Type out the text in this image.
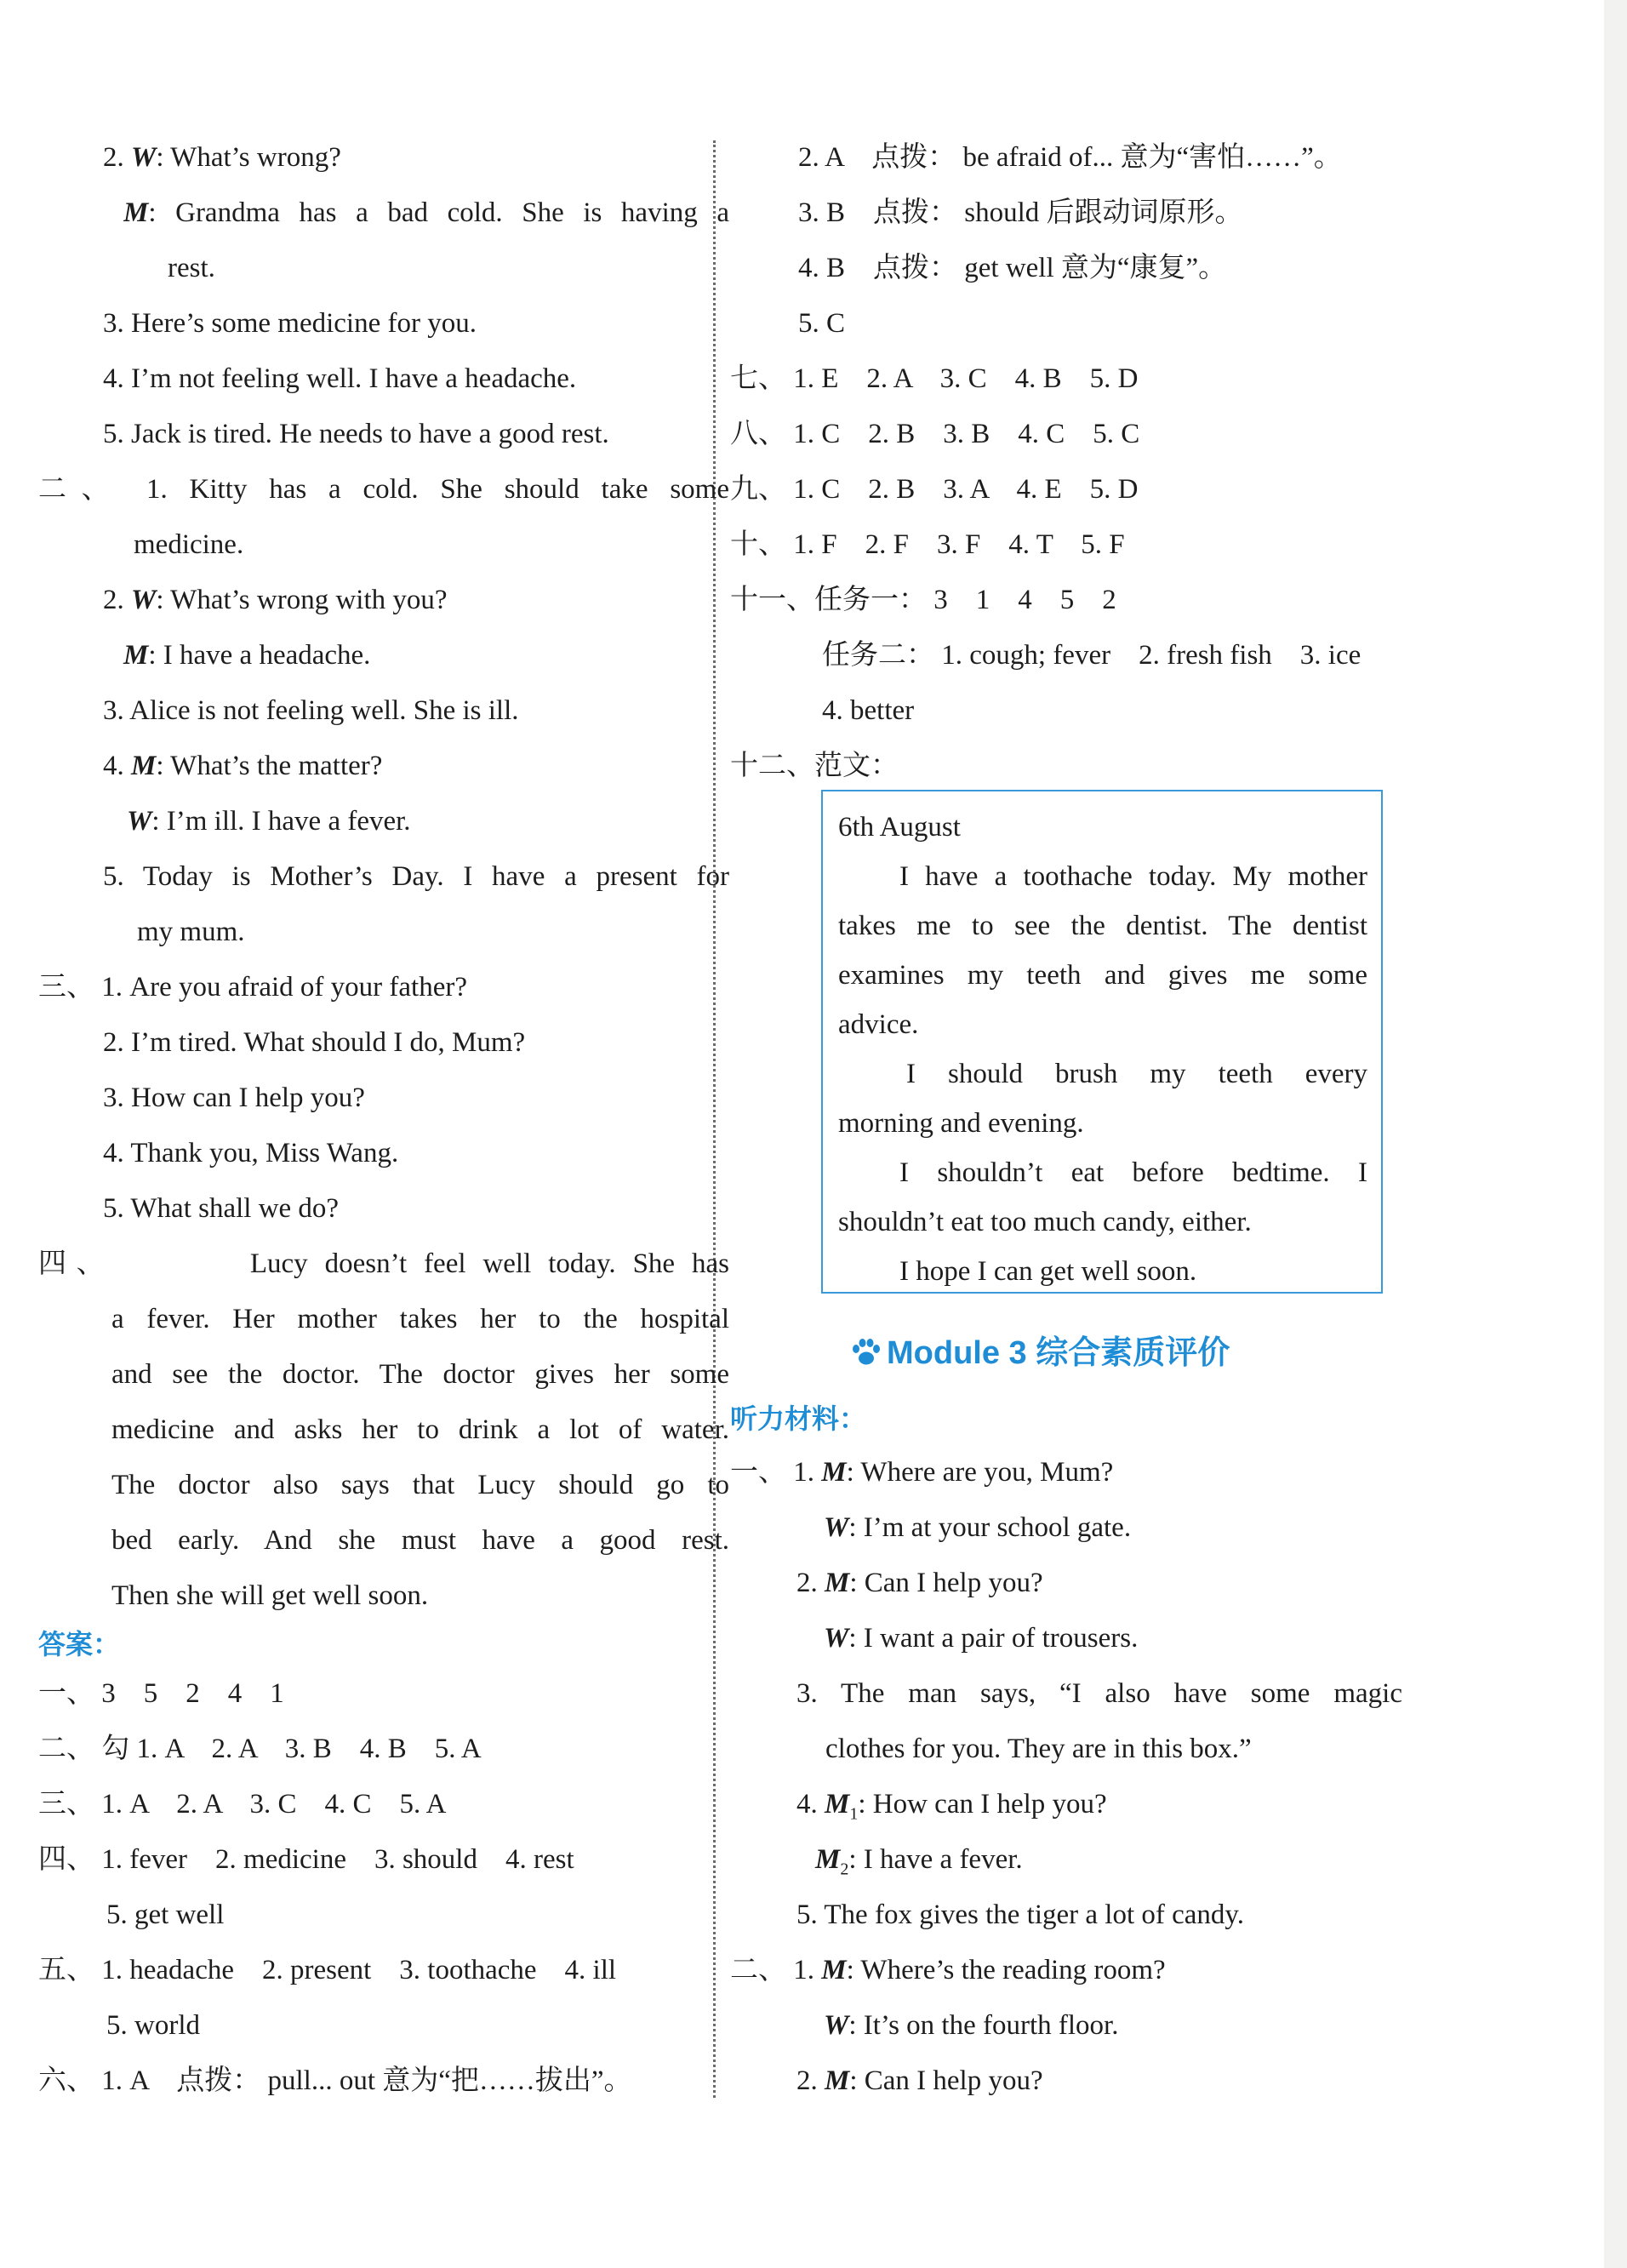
2. W: What’s wrong?
M: Grandma has a bad cold. She is having a
rest.
3. Here’s some medicine for you.
4. I’m not feeling well. I have a headache.
5. Jack is tired. He needs to have a good rest.
二、 1. Kitty has a cold. She should take some
medicine.
2. W: What’s wrong with you?
M: I have a headache.
3. Alice is not feeling well. She is ill.
4. M: What’s the matter?
W: I’m ill. I have a fever.
5. Today is Mother’s Day. I have a present for
my mum.
三、 1. Are you afraid of your father?
2. I’m tired. What should I do, Mum?
3. How can I help you?
4. Thank you, Miss Wang.
5. What shall we do?
四、        Lucy doesn’t feel well today. She has
a fever. Her mother takes her to the hospital
and see the doctor. The doctor gives her some
medicine and asks her to drink a lot of water.
The doctor also says that Lucy should go to
bed early. And she must have a good rest.
Then she will get well soon.
答案：
一、 3    5    2    4    1
二、 勾 1. A    2. A    3. B    4. B    5. A
三、 1. A    2. A    3. C    4. C    5. A
四、 1. fever    2. medicine    3. should    4. rest
5. get well
五、 1. headache    2. present    3. toothache    4. ill
5. world
六、 1. A    点拨： pull... out 意为“把……拔出”。
2. A    点拨： be afraid of... 意为“害怕……”。
3. B    点拨： should 后跟动词原形。
4. B    点拨： get well 意为“康复”。
5. C
七、 1. E    2. A    3. C    4. B    5. D
八、 1. C    2. B    3. B    4. C    5. C
九、 1. C    2. B    3. A    4. E    5. D
十、 1. F    2. F    3. F    4. T    5. F
十一、任务一： 3    1    4    5    2
任务二： 1. cough; fever    2. fresh fish    3. ice
4. better
十二、范文：
听力材料：
一、 1. M: Where are you, Mum?
W: I’m at your school gate.
2. M: Can I help you?
W: I want a pair of trousers.
3. The man says, “I also have some magic
clothes for you. They are in this box.”
4. $M_1$: How can I help you?
$M_2$: I have a fever.
5. The fox gives the tiger a lot of candy.
二、 1. M: Where’s the reading room?
W: It’s on the fourth floor.
2. M: Can I help you?
6th August
I have a toothache today. My mother
takes me to see the dentist. The dentist
examines my teeth and gives me some
advice.
I should brush my teeth every
morning and evening.
I shouldn’t eat before bedtime. I
shouldn’t eat too much candy, either.
I hope I can get well soon.
Module 3 综合素质评价
